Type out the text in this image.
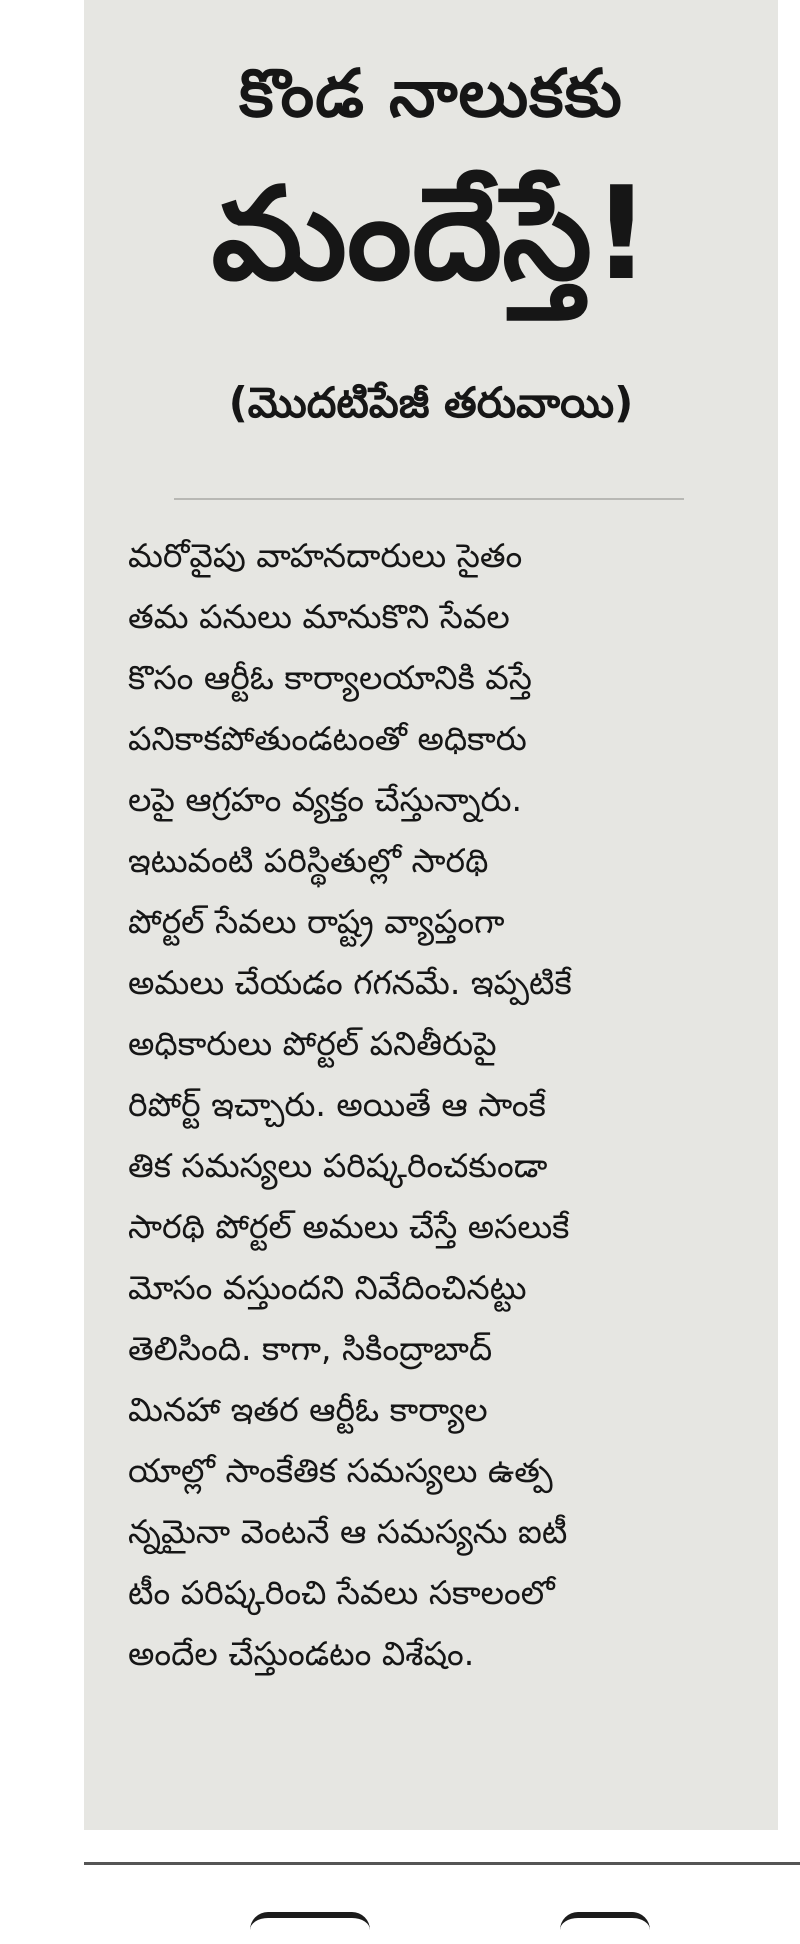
కొండ నాలుకకు
మందేస్తే!
(మొదటిపేజీ తరువాయి)
మరోవైపు వాహనదారులు సైతం
తమ పనులు మానుకొని సేవల
కొసం ఆర్టీఓ కార్యాలయానికి వస్తే
పనికాకపోతుండటంతో అధికారు
లపై ఆగ్రహం వ్యక్తం చేస్తున్నారు.
ఇటువంటి పరిస్థితుల్లో సారథి
పోర్టల్ సేవలు రాష్ట్ర వ్యాప్తంగా
అమలు చేయడం గగనమే. ఇప్పటికే
అధికారులు పోర్టల్ పనితీరుపై
రిపోర్ట్ ఇచ్చారు. అయితే ఆ సాంకే
తిక సమస్యలు పరిష్కరించకుండా
సారథి పోర్టల్ అమలు చేస్తే అసలుకే
మోసం వస్తుందని నివేదించినట్టు
తెలిసింది. కాగా, సికింద్రాబాద్
మినహా ఇతర ఆర్టీఓ కార్యాల
యాల్లో సాంకేతిక సమస్యలు ఉత్ప
న్నమైనా వెంటనే ఆ సమస్యను ఐటీ
టీం పరిష్కరించి సేవలు సకాలంలో
అందేల చేస్తుండటం విశేషం.
